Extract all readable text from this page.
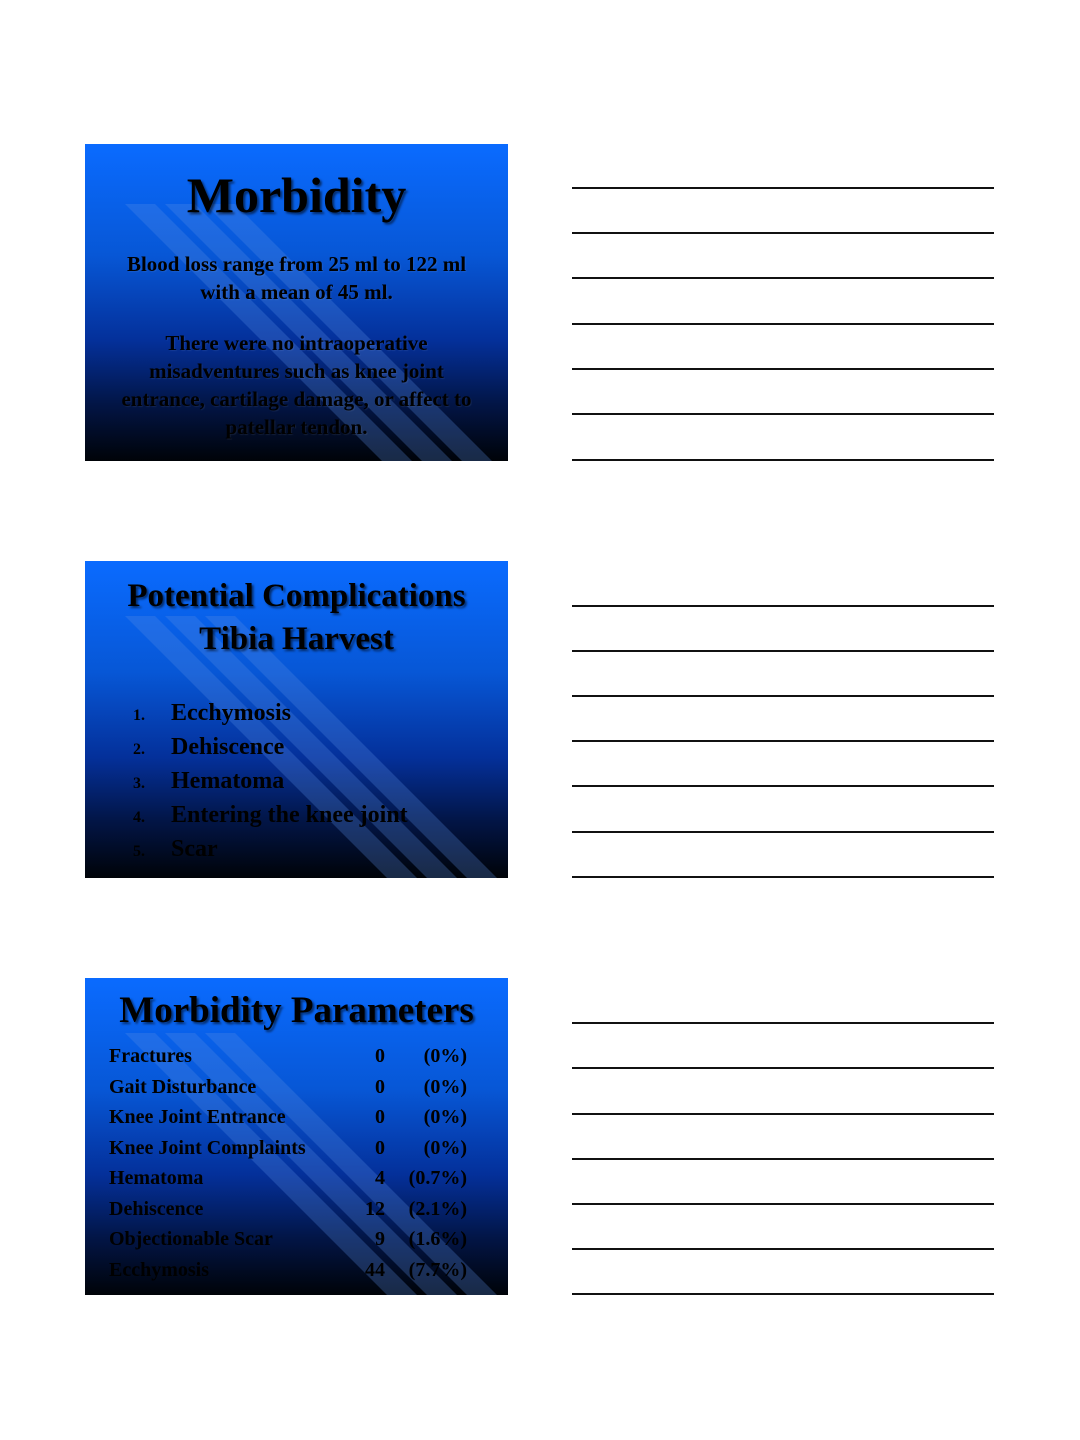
Morbidity
Blood loss range from 25 ml to 122 ml with a mean of 45 ml.
There were no intraoperative misadventures such as knee joint entrance, cartilage damage, or affect to patellar tendon.
Potential Complications
Tibia Harvest
1. Ecchymosis
2. Dehiscence
3. Hematoma
4. Entering the knee joint
5. Scar
Morbidity Parameters
Fractures	0 (0%)
Gait Disturbance	0 (0%)
Knee Joint Entrance	0 (0%)
Knee Joint Complaints	0 (0%)
Hematoma	4 (0.7%)
Dehiscence	12 (2.1%)
Objectionable Scar	9 (1.6%)
Ecchymosis	44 (7.7%)
